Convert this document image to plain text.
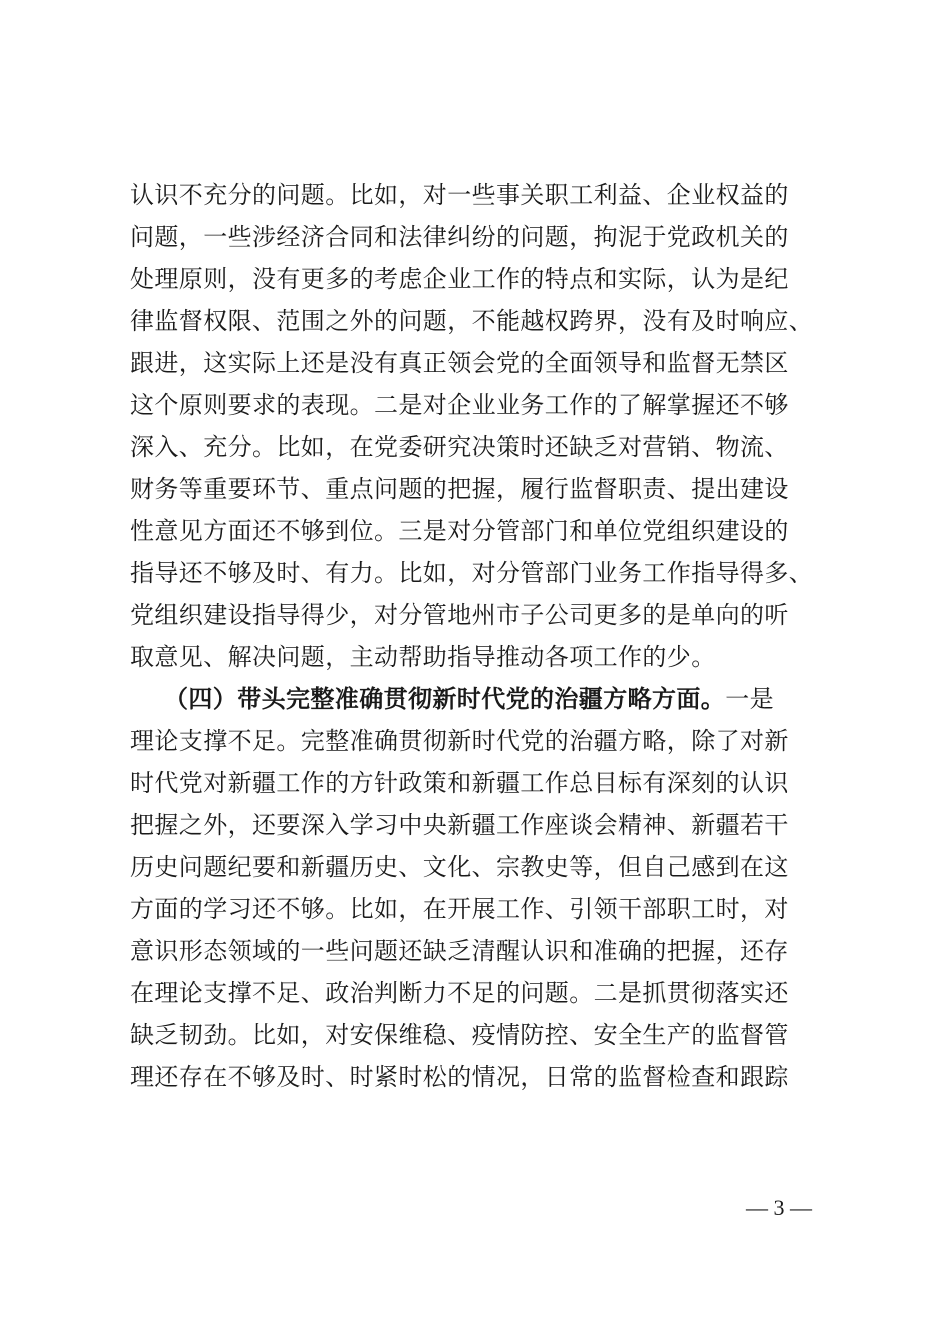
认识不充分的问题。比如，对一些事关职工利益、企业权益的
问题，一些涉经济合同和法律纠纷的问题，拘泥于党政机关的
处理原则，没有更多的考虑企业工作的特点和实际，认为是纪
律监督权限、范围之外的问题，不能越权跨界，没有及时响应、
跟进，这实际上还是没有真正领会党的全面领导和监督无禁区
这个原则要求的表现。二是对企业业务工作的了解掌握还不够
深入、充分。比如，在党委研究决策时还缺乏对营销、物流、
财务等重要环节、重点问题的把握，履行监督职责、提出建设
性意见方面还不够到位。三是对分管部门和单位党组织建设的
指导还不够及时、有力。比如，对分管部门业务工作指导得多、
党组织建设指导得少，对分管地州市子公司更多的是单向的听
取意见、解决问题，主动帮助指导推动各项工作的少。
（四）带头完整准确贯彻新时代党的治疆方略方面。一是
理论支撑不足。完整准确贯彻新时代党的治疆方略，除了对新
时代党对新疆工作的方针政策和新疆工作总目标有深刻的认识
把握之外，还要深入学习中央新疆工作座谈会精神、新疆若干
历史问题纪要和新疆历史、文化、宗教史等，但自己感到在这
方面的学习还不够。比如，在开展工作、引领干部职工时，对
意识形态领域的一些问题还缺乏清醒认识和准确的把握，还存
在理论支撑不足、政治判断力不足的问题。二是抓贯彻落实还
缺乏韧劲。比如，对安保维稳、疫情防控、安全生产的监督管
理还存在不够及时、时紧时松的情况，日常的监督检查和跟踪
— 3 —
